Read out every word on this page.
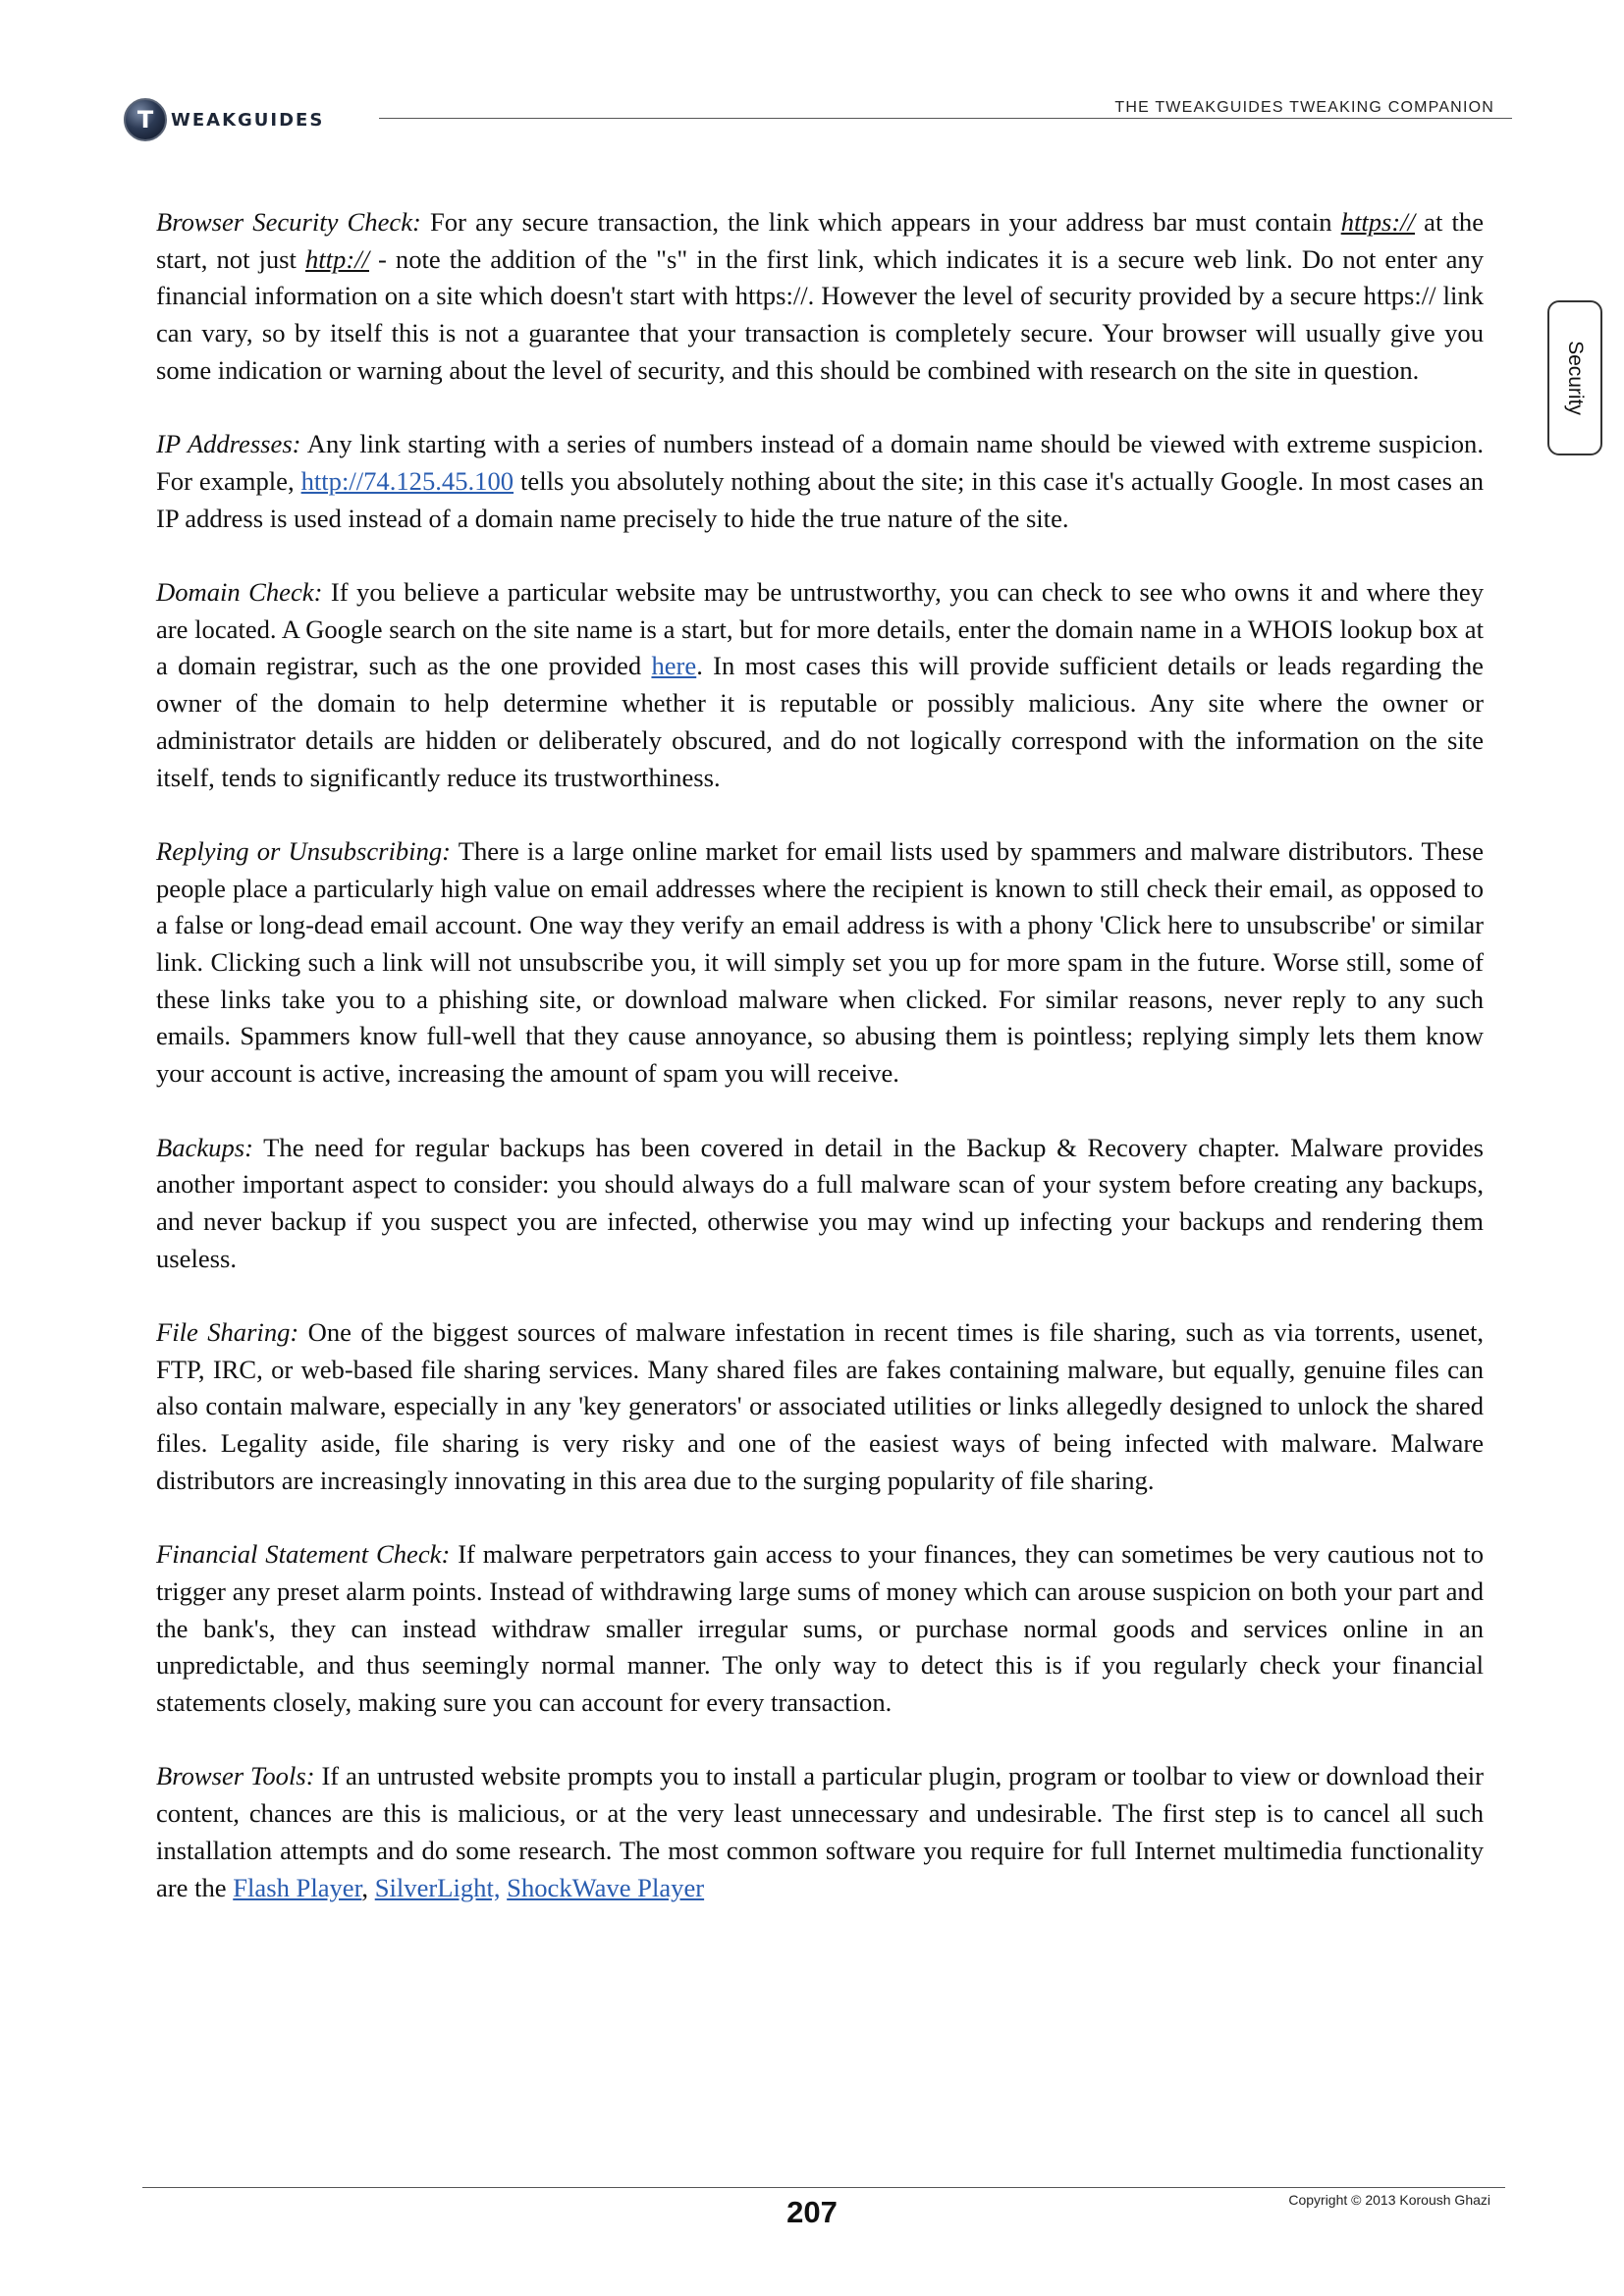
T WEAKGUIDES
THE TWEAKGUIDES TWEAKING COMPANION
Security

Browser Security Check: For any secure transaction, the link which appears in your address bar must contain https:// at the start, not just http:// - note the addition of the "s" in the first link, which indicates it is a secure web link. Do not enter any financial information on a site which doesn't start with https://. However the level of security provided by a secure https:// link can vary, so by itself this is not a guarantee that your transaction is completely secure. Your browser will usually give you some indication or warning about the level of security, and this should be combined with research on the site in question.

IP Addresses: Any link starting with a series of numbers instead of a domain name should be viewed with extreme suspicion. For example, http://74.125.45.100 tells you absolutely nothing about the site; in this case it's actually Google. In most cases an IP address is used instead of a domain name precisely to hide the true nature of the site.

Domain Check: If you believe a particular website may be untrustworthy, you can check to see who owns it and where they are located. A Google search on the site name is a start, but for more details, enter the domain name in a WHOIS lookup box at a domain registrar, such as the one provided here. In most cases this will provide sufficient details or leads regarding the owner of the domain to help determine whether it is reputable or possibly malicious. Any site where the owner or administrator details are hidden or deliberately obscured, and do not logically correspond with the information on the site itself, tends to significantly reduce its trustworthiness.

Replying or Unsubscribing: There is a large online market for email lists used by spammers and malware distributors. These people place a particularly high value on email addresses where the recipient is known to still check their email, as opposed to a false or long-dead email account. One way they verify an email address is with a phony 'Click here to unsubscribe' or similar link. Clicking such a link will not unsubscribe you, it will simply set you up for more spam in the future. Worse still, some of these links take you to a phishing site, or download malware when clicked. For similar reasons, never reply to any such emails. Spammers know full-well that they cause annoyance, so abusing them is pointless; replying simply lets them know your account is active, increasing the amount of spam you will receive.

Backups: The need for regular backups has been covered in detail in the Backup & Recovery chapter. Malware provides another important aspect to consider: you should always do a full malware scan of your system before creating any backups, and never backup if you suspect you are infected, otherwise you may wind up infecting your backups and rendering them useless.

File Sharing: One of the biggest sources of malware infestation in recent times is file sharing, such as via torrents, usenet, FTP, IRC, or web-based file sharing services. Many shared files are fakes containing malware, but equally, genuine files can also contain malware, especially in any 'key generators' or associated utilities or links allegedly designed to unlock the shared files. Legality aside, file sharing is very risky and one of the easiest ways of being infected with malware. Malware distributors are increasingly innovating in this area due to the surging popularity of file sharing.

Financial Statement Check: If malware perpetrators gain access to your finances, they can sometimes be very cautious not to trigger any preset alarm points. Instead of withdrawing large sums of money which can arouse suspicion on both your part and the bank's, they can instead withdraw smaller irregular sums, or purchase normal goods and services online in an unpredictable, and thus seemingly normal manner. The only way to detect this is if you regularly check your financial statements closely, making sure you can account for every transaction.

Browser Tools: If an untrusted website prompts you to install a particular plugin, program or toolbar to view or download their content, chances are this is malicious, or at the very least unnecessary and undesirable. The first step is to cancel all such installation attempts and do some research. The most common software you require for full Internet multimedia functionality are the Flash Player, SilverLight, ShockWave Player

207	Copyright © 2013 Koroush Ghazi
